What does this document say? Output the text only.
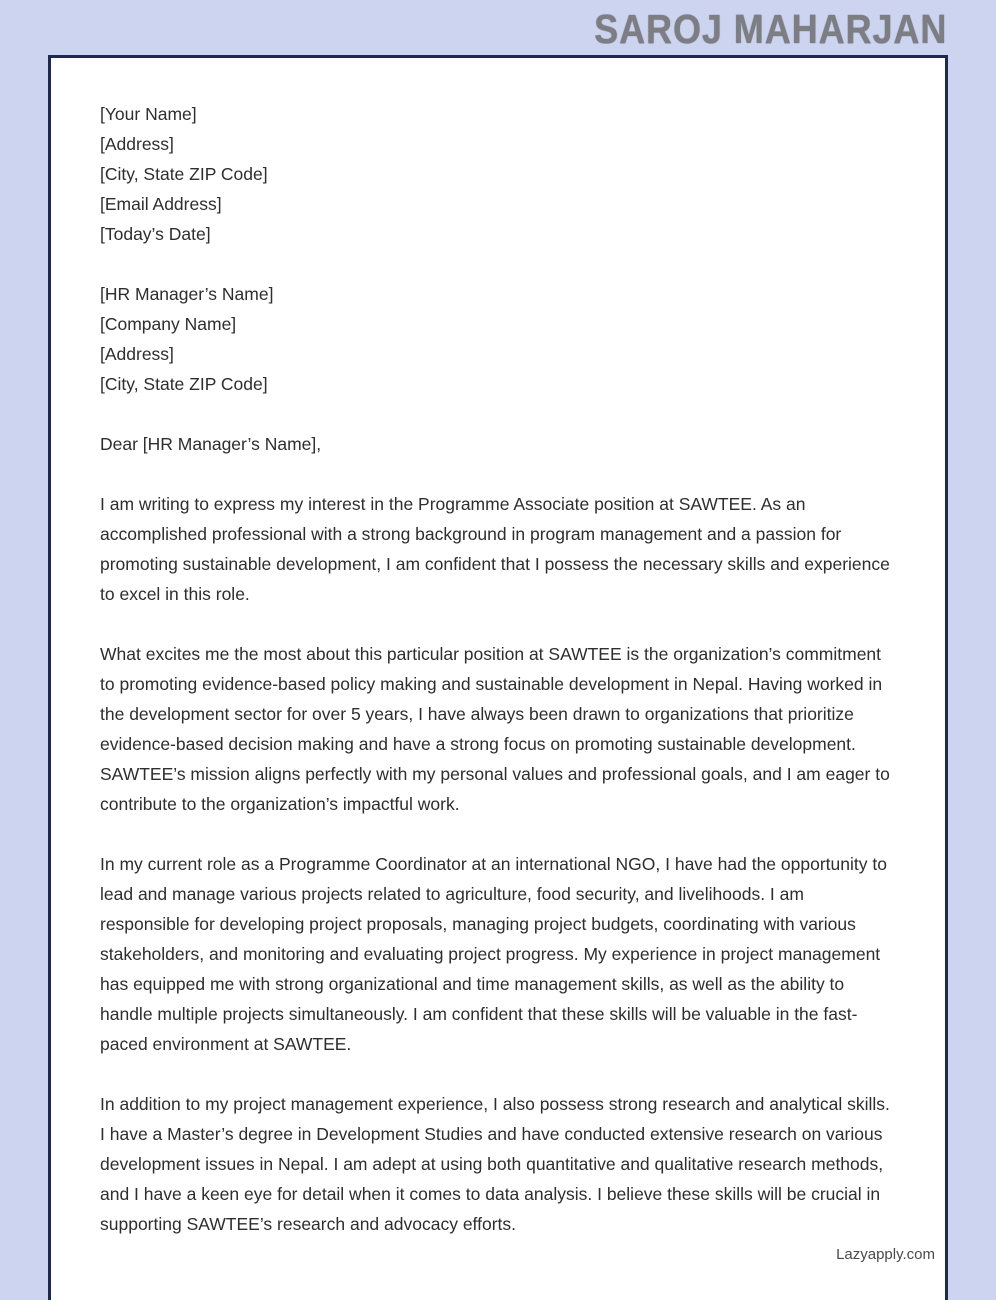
SAROJ MAHARJAN
[Your Name]
[Address]
[City, State ZIP Code]
[Email Address]
[Today’s Date]
[HR Manager’s Name]
[Company Name]
[Address]
[City, State ZIP Code]
Dear [HR Manager’s Name],
I am writing to express my interest in the Programme Associate position at SAWTEE. As an accomplished professional with a strong background in program management and a passion for promoting sustainable development, I am confident that I possess the necessary skills and experience to excel in this role.
What excites me the most about this particular position at SAWTEE is the organization’s commitment to promoting evidence-based policy making and sustainable development in Nepal. Having worked in the development sector for over 5 years, I have always been drawn to organizations that prioritize evidence-based decision making and have a strong focus on promoting sustainable development. SAWTEE’s mission aligns perfectly with my personal values and professional goals, and I am eager to contribute to the organization’s impactful work.
In my current role as a Programme Coordinator at an international NGO, I have had the opportunity to lead and manage various projects related to agriculture, food security, and livelihoods. I am responsible for developing project proposals, managing project budgets, coordinating with various stakeholders, and monitoring and evaluating project progress. My experience in project management has equipped me with strong organizational and time management skills, as well as the ability to handle multiple projects simultaneously. I am confident that these skills will be valuable in the fast-paced environment at SAWTEE.
In addition to my project management experience, I also possess strong research and analytical skills. I have a Master’s degree in Development Studies and have conducted extensive research on various development issues in Nepal. I am adept at using both quantitative and qualitative research methods, and I have a keen eye for detail when it comes to data analysis. I believe these skills will be crucial in supporting SAWTEE’s research and advocacy efforts.
Lazyapply.com
